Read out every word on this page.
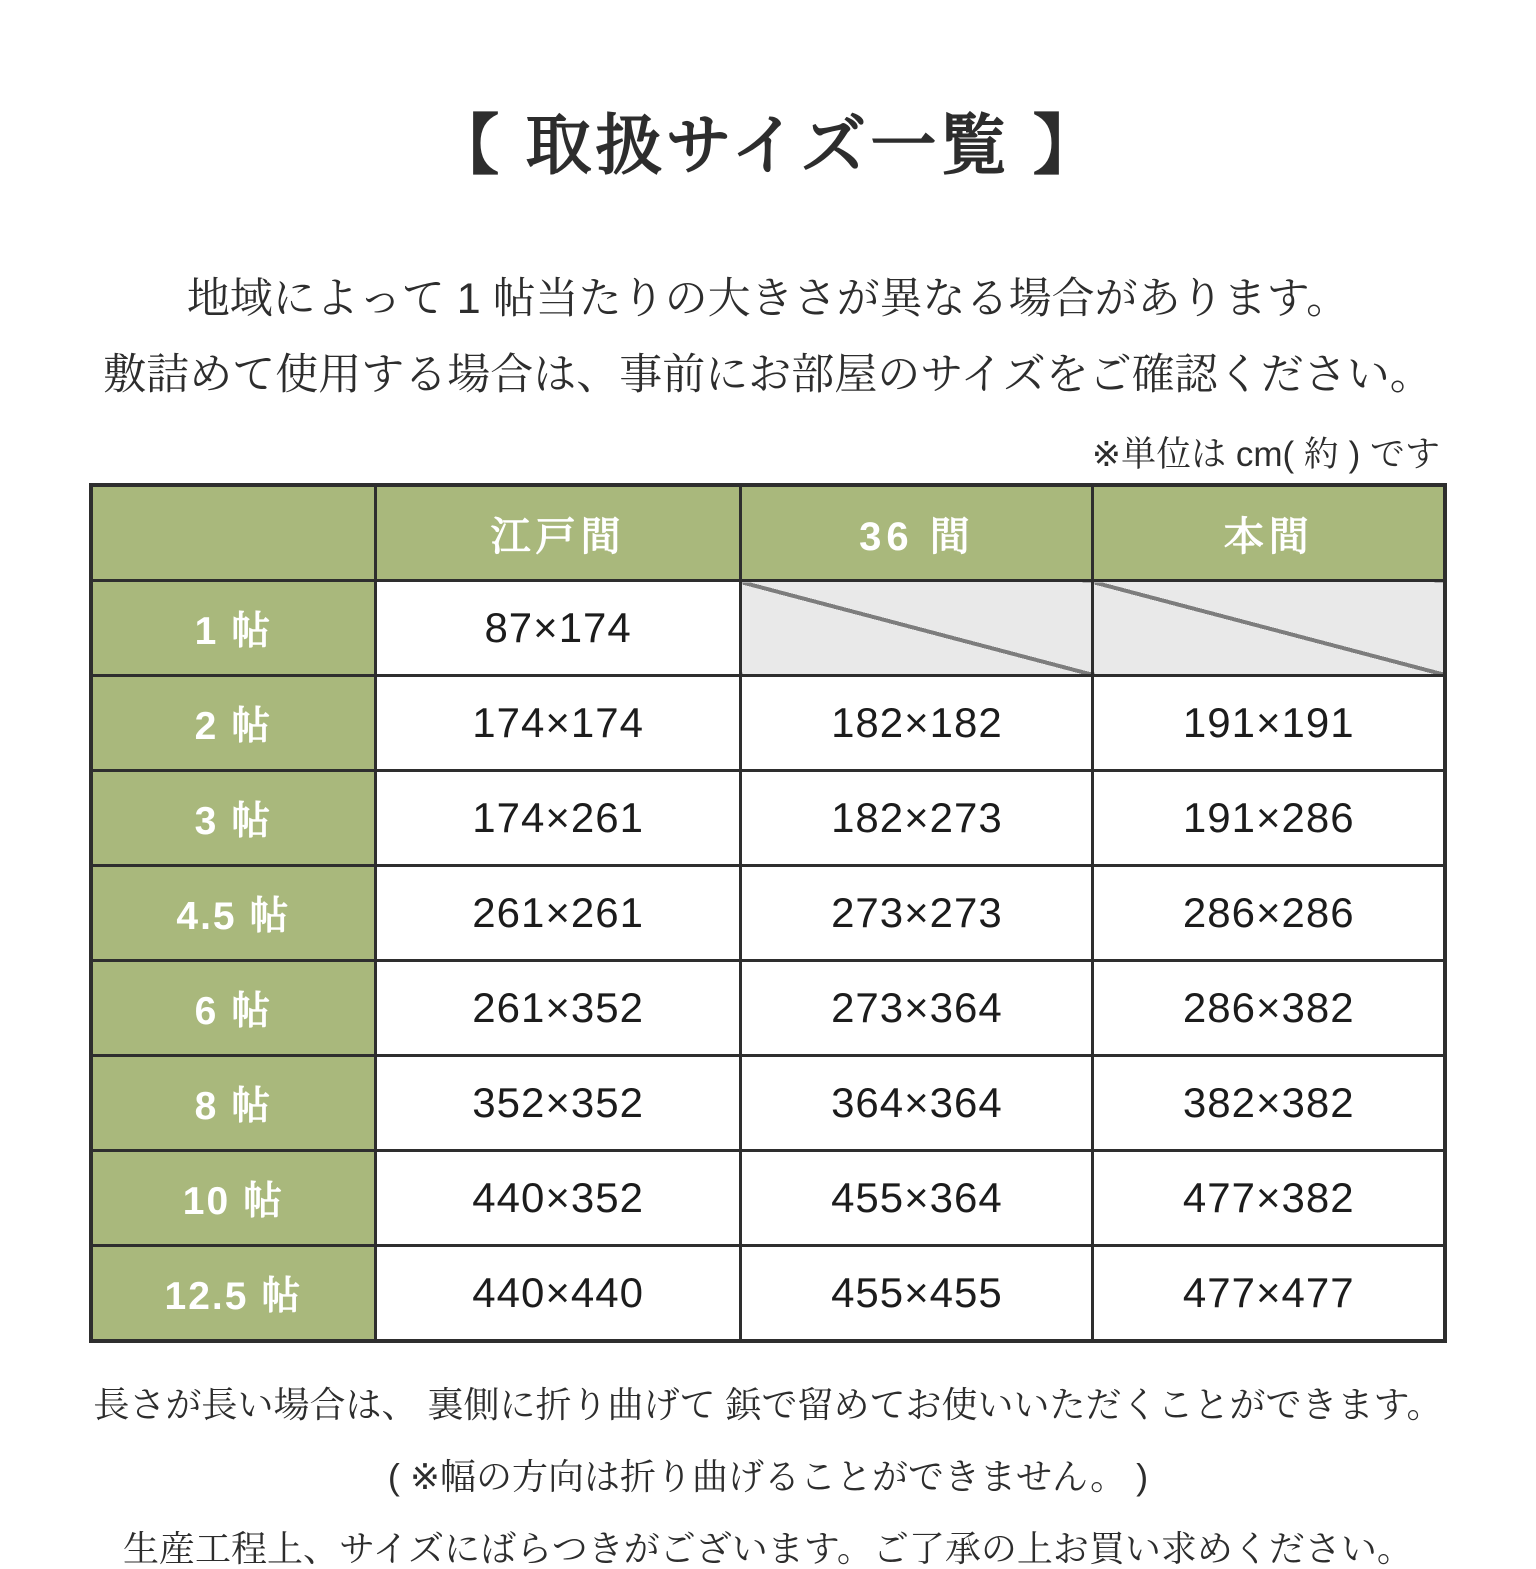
【 取扱サイズ一覧 】

地域によって 1 帖当たりの大きさが異なる場合があります。
敷詰めて使用する場合は、事前にお部屋のサイズをご確認ください。

※単位は cm( 約 ) です
	江戸間	36 間	本間
1 帖	87×174		
2 帖	174×174	182×182	191×191
3 帖	174×261	182×273	191×286
4.5 帖	261×261	273×273	286×286
6 帖	261×352	273×364	286×382
8 帖	352×352	364×364	382×382
10 帖	440×352	455×364	477×382
12.5 帖	440×440	455×455	477×477

長さが長い場合は、 裏側に折り曲げて 鋲で留めてお使いいただくことができます。

( ※幅の方向は折り曲げることができません。 )

生産工程上、サイズにばらつきがございます。ご了承の上お買い求めください。
